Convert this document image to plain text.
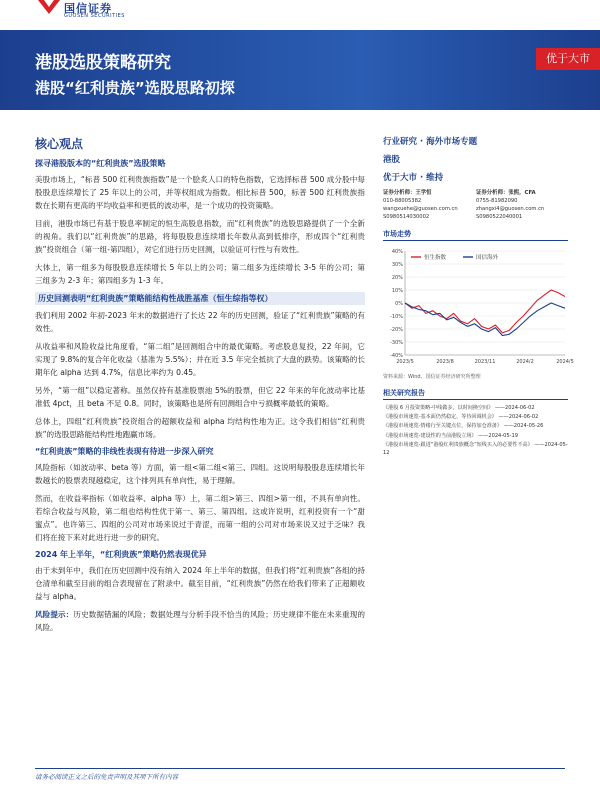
国信证券
GUOSEN SECURITIES
港股选股策略研究
港股“红利贵族”选股思路初探
优于大市
核心观点
探寻港股版本的“红利贵族”选股策略

美股市场上，“标普 500 红利贵族指数”是一个脍炙人口的特色指数，它选择标普 500 成分股中每股股息连续增长了 25 年以上的公司，并等权组成为指数。相比标普 500，标普 500 红利贵族指数在长期有更高的平均收益率和更低的波动率，是一个成功的投资策略。

目前，港股市场已有基于股息率制定的恒生高股息指数，而“红利贵族”的选股思路提供了一个全新的视角。我们以“红利贵族”的思路，将每股股息连续增长年数从高到低排序，形成四个“红利贵族”投资组合（第一组-第四组），对它们进行历史回测，以验证可行性与有效性。

大体上，第一组多为每股股息连续增长 5 年以上的公司；第二组多为连续增长 3-5 年的公司；第三组多为 2-3 年；第四组多为 1-3 年。

历史回测表明“红利贵族”策略能结构性战胜基准（恒生综指等权）

我们利用 2002 年初-2023 年末的数据进行了长达 22 年的历史回测，验证了“红利贵族”策略的有效性。

从收益率和风险收益比角度看，“第二组”是回测组合中的最优策略。考虑股息复投，22 年间，它实现了 9.8%的复合年化收益（基准为 5.5%）；并在近 3.5 年完全抵抗了大盘的跌势。该策略的长期年化 alpha 达到 4.7%，信息比率约为 0.45。

另外，“第一组”以稳定著称。虽然仅持有基准股票池 5%的股票，但它 22 年来的年化波动率比基准低 4pct，且 beta 不足 0.8。同时，该策略也是所有回测组合中亏损概率最低的策略。

总体上，四组“红利贵族”投资组合的超额收益和 alpha 均结构性地为正。这令我们相信“红利贵族”的选股思路能结构性地跑赢市场。

“红利贵族”策略的非线性表现有待进一步深入研究

风险指标（如波动率、beta 等）方面，第一组<第二组<第三、四组。这说明每股股息连续增长年数越长的股票表现越稳定，这个排列具有单向性，易于理解。

然而，在收益率指标（如收益率、alpha 等）上，第二组>第三、四组>第一组，不具有单向性。若综合收益与风险，第二组也结构性优于第一、第三、第四组。这或许说明，红利投资有一个“甜蜜点”。也许第三、四组的公司对市场来说过于青涩，而第一组的公司对市场来说又过于乏味？我们将在接下来对此进行进一步的研究。

2024 年上半年，“红利贵族”策略仍然表现优异

由于未到年中，我们在历史回测中没有纳入 2024 年上半年的数据，但我们将“红利贵族”各组的持仓清单和截至目前的组合表现留在了附录中。截至目前，“红利贵族”仍然在给我们带来了正超额收益与 alpha。

风险提示：历史数据错漏的风险；数据处理与分析手段不恰当的风险；历史规律不能在未来重现的风险。

行业研究 · 海外市场专题
港股
优于大市 · 维持
证券分析师：王学恒
010-88005382
wangxuehe@guosen.com.cn
S0980514030002
证券分析师：张熙，CFA
0755-81982090
zhangxi4@guosen.com.cn
S0980522040001
市场走势
40%
30%
20%
10%
0%
-10%
-20%
-30%
-40%
2023/5	2023/8	2023/11	2024/2	2024/5
恒生指数	国信海外
资料来源：Wind、国信证券经济研究所整理
相关研究报告
《港股 6 月投资策略-中线做多，以时间换空间》 ——2024-06-02
《港股市场速览-基本面仍然稳定，等待回调机会》 ——2024-06-02
《港股市场速览-情绪行至关键点位，保持加仓准备》 ——2024-05-26
《港股市场速览-建设性的当前港股立场》 ——2024-05-19
《港股市场速览-跟进“港股红利贵族概念”短线买入的必要性不高》 ——2024-05-12
请务必阅读正文之后的免责声明及其项下所有内容
